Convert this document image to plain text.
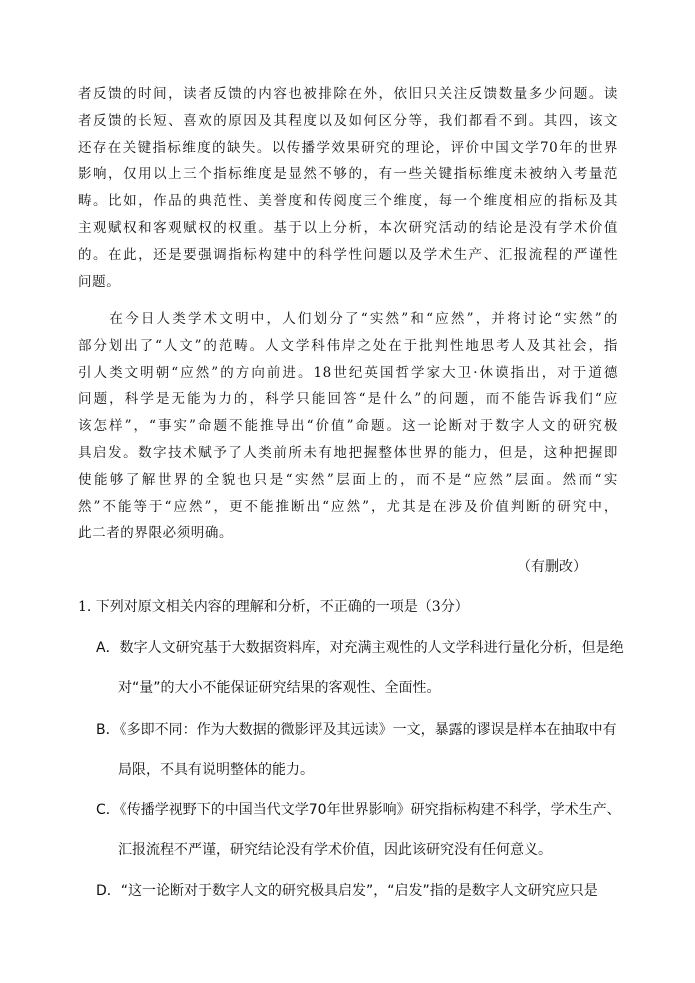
者反馈的时间，读者反馈的内容也被排除在外，依旧只关注反馈数量多少问题。读
者反馈的长短、喜欢的原因及其程度以及如何区分等，我们都看不到。其四，该文
还存在关键指标维度的缺失。以传播学效果研究的理论，评价中国文学70年的世界
影响，仅用以上三个指标维度是显然不够的，有一些关键指标维度未被纳入考量范
畴。比如，作品的典范性、美誉度和传阅度三个维度，每一个维度相应的指标及其
主观赋权和客观赋权的权重。基于以上分析，本次研究活动的结论是没有学术价值
的。在此，还是要强调指标构建中的科学性问题以及学术生产、汇报流程的严谨性
问题。
　　在今日人类学术文明中，人们划分了“实然”和“应然”，并将讨论“实然”的
部分划出了“人文”的范畴。人文学科伟岸之处在于批判性地思考人及其社会，指
引人类文明朝“应然”的方向前进。18世纪英国哲学家大卫·休谟指出，对于道德
问题，科学是无能为力的，科学只能回答“是什么”的问题，而不能告诉我们“应
该怎样”，“事实”命题不能推导出“价值”命题。这一论断对于数字人文的研究极
具启发。数字技术赋予了人类前所未有地把握整体世界的能力，但是，这种把握即
使能够了解世界的全貌也只是“实然”层面上的，而不是“应然”层面。然而“实
然”不能等于“应然”，更不能推断出“应然”，尤其是在涉及价值判断的研究中，
此二者的界限必须明确。
（有删改）
1. 下列对原文相关内容的理解和分析，不正确的一项是（3分）
A．数字人文研究基于大数据资料库，对充满主观性的人文学科进行量化分析，但是绝
对“量”的大小不能保证研究结果的客观性、全面性。
B．《多即不同：作为大数据的微影评及其远读》一文，暴露的谬误是样本在抽取中有
局限，不具有说明整体的能力。
C．《传播学视野下的中国当代文学70年世界影响》研究指标构建不科学，学术生产、
汇报流程不严谨，研究结论没有学术价值，因此该研究没有任何意义。
D．“这一论断对于数字人文的研究极具启发”，“启发”指的是数字人文研究应只是
